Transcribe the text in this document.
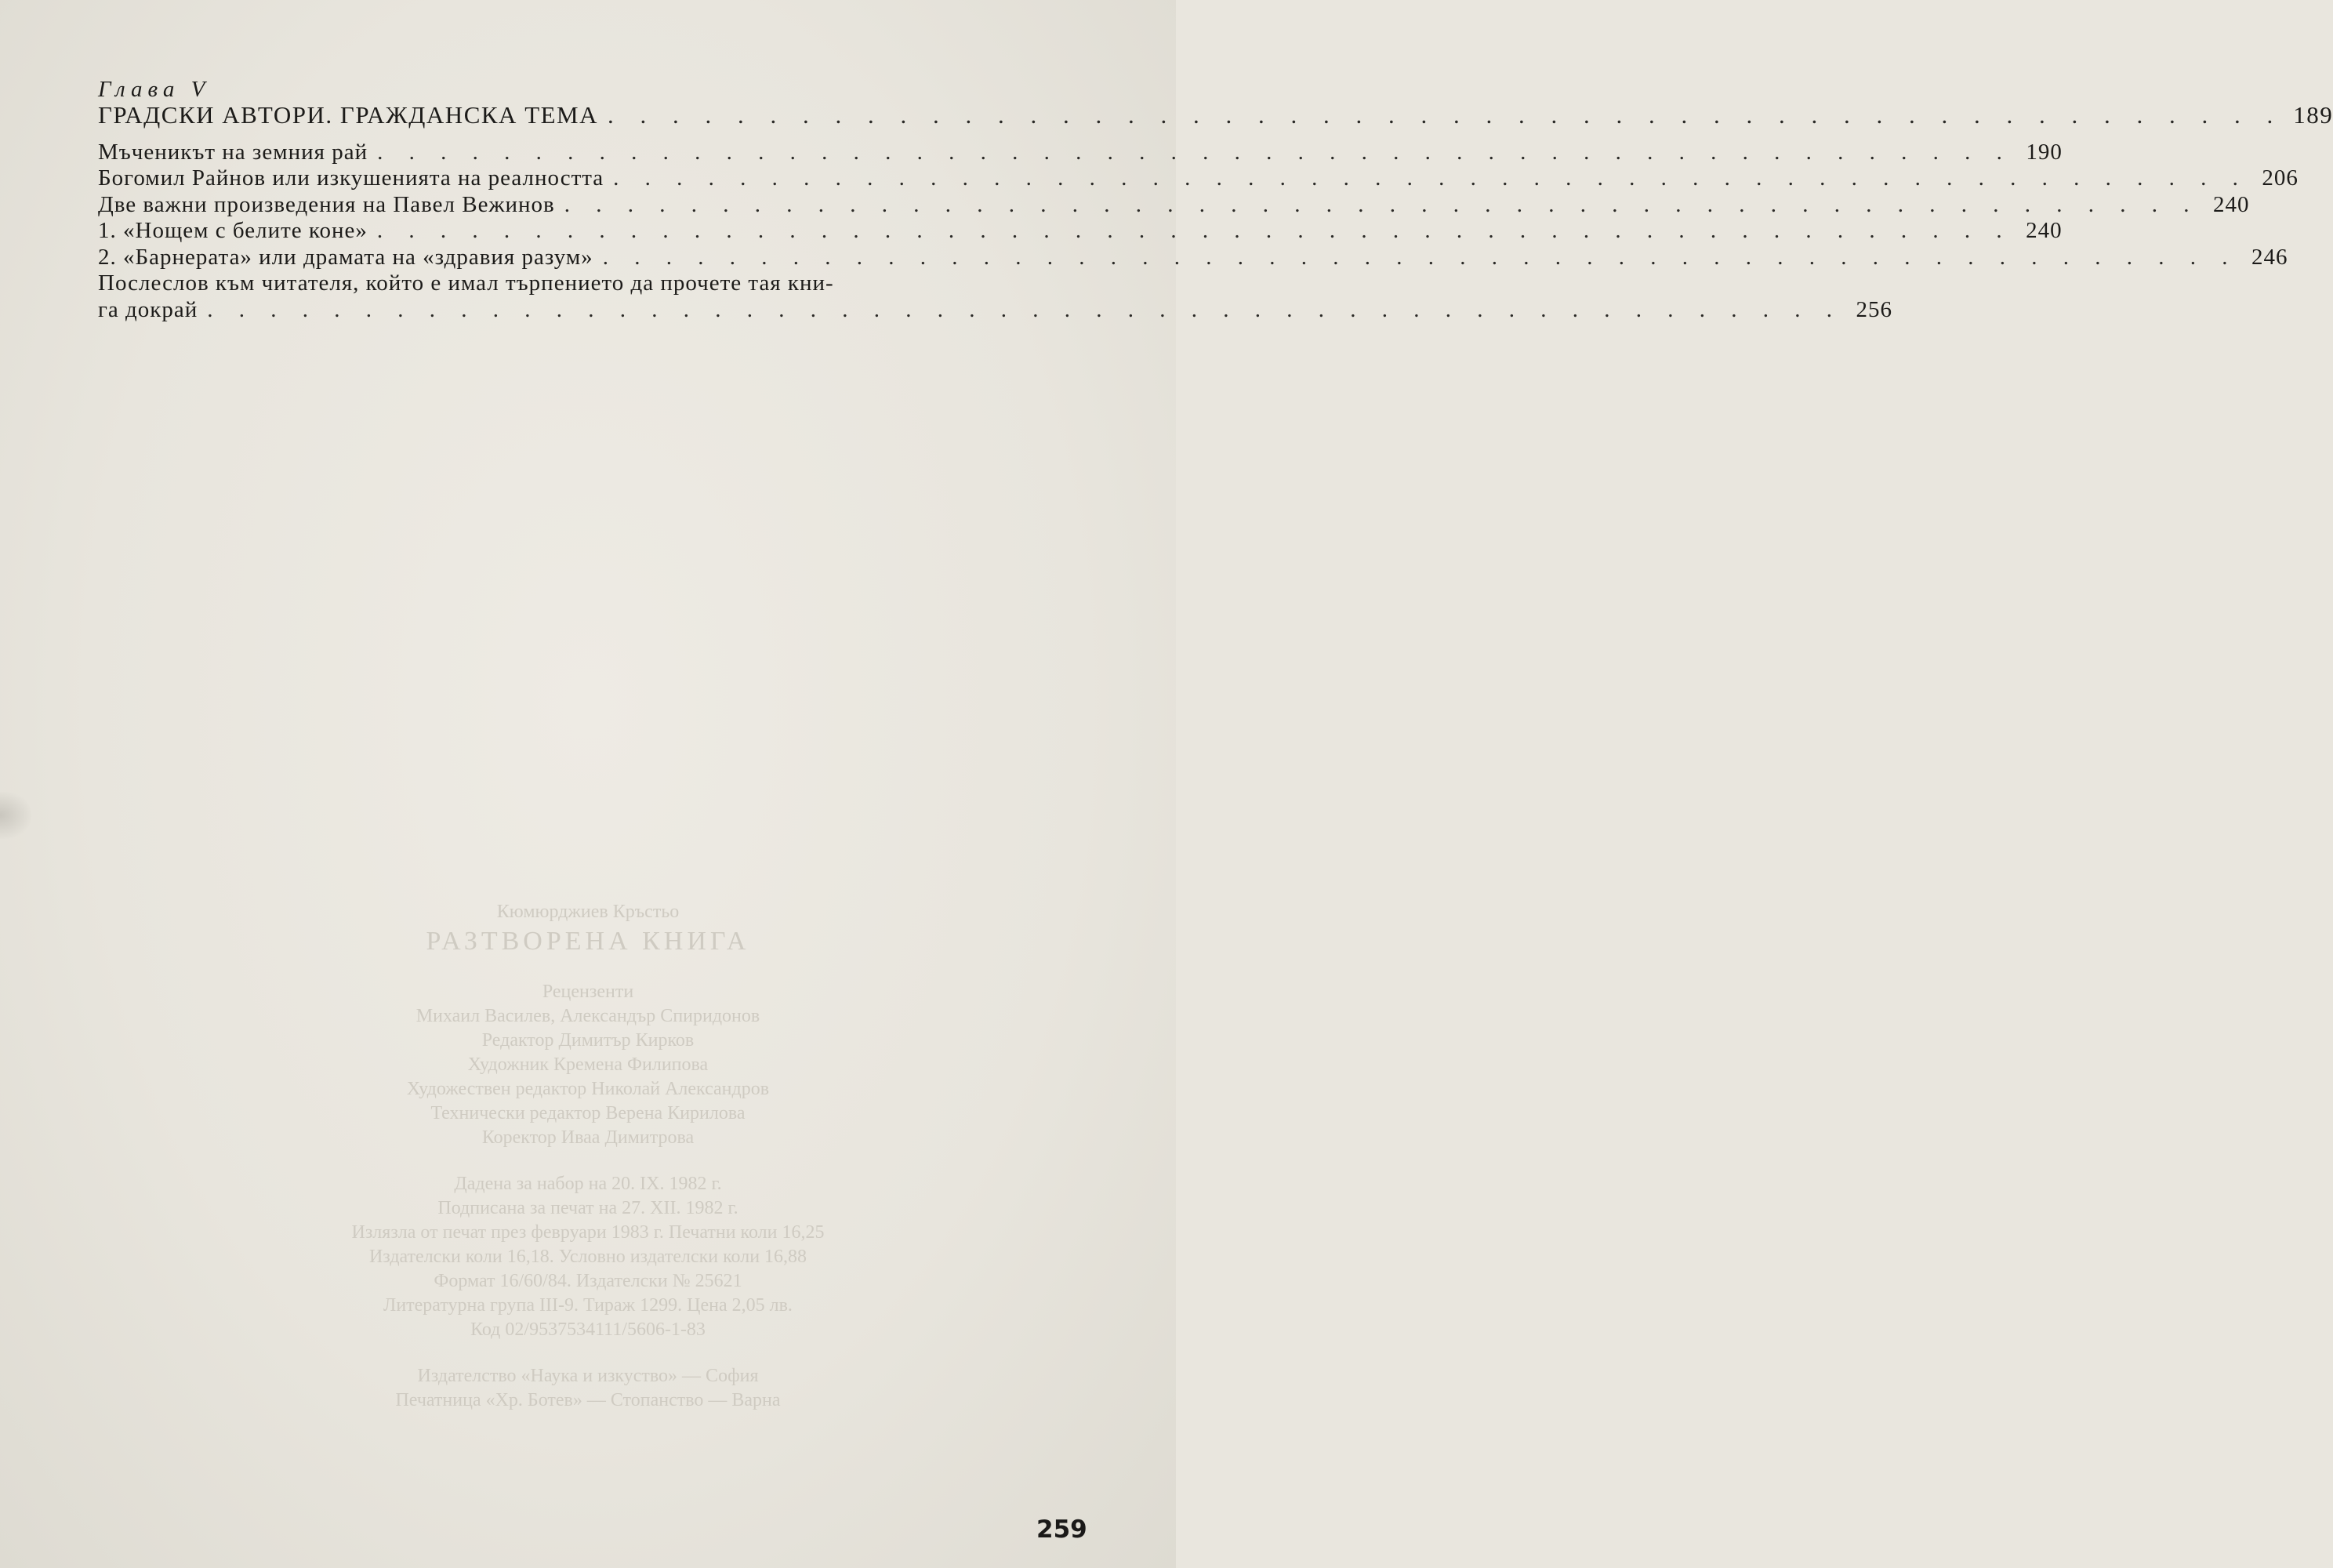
Глава V
ГРАДСКИ АВТОРИ. ГРАЖДАНСКА ТЕМА . . . . . . . . . . . . . . . . . . . . . . . . . . . . . . . . . . . . . . . . . . . . . . . . . . . . 189
Мъченикът на земния рай . . . . . . . . . . . . . . . . . . . . . . . . . . . . . . . . . . . . . . . . . . . . . . . . . . . . 190
Богомил Райнов или изкушенията на реалността . . . . . . . . . . . . . . . . . . . . . . . . . . . . . . . . . . . . . . . . . . . . . . . . . . . . 206
Две важни произведения на Павел Вежинов . . . . . . . . . . . . . . . . . . . . . . . . . . . . . . . . . . . . . . . . . . . . . . . . . . . . 240
1. «Нощем с белите коне» . . . . . . . . . . . . . . . . . . . . . . . . . . . . . . . . . . . . . . . . . . . . . . . . . . . . 240
2. «Барнерата» или драмата на «здравия разум» . . . . . . . . . . . . . . . . . . . . . . . . . . . . . . . . . . . . . . . . . . . . . . . . . . . . 246
Послеслов към читателя, който е имал търпението да прочете тая кни-
га докрай . . . . . . . . . . . . . . . . . . . . . . . . . . . . . . . . . . . . . . . . . . . . . . . . . . . . 256
Кюмюрджиев Кръстьо
РАЗТВОРЕНА КНИГА
Рецензенти
Михаил Василев, Александър Спиридонов
Редактор Димитър Кирков
Художник Кремена Филипова
Художествен редактор Николай Александров
Технически редактор Верена Кирилова
Коректор Иваа Димитрова
Дадена за набор на 20. IX. 1982 г.
Подписана за печат на 27. XII. 1982 г.
Излязла от печат през февруари 1983 г. Печатни коли 16,25
Издателски коли 16,18. Условно издателски коли 16,88
Формат 16/60/84. Издателски № 25621
Литературна група III-9. Тираж 1299. Цена 2,05 лв.
Код 02/9537534111/5606-1-83
Издателство «Наука и изкуство» — София
Печатница «Хр. Ботев» — Стопанство — Варна
259
